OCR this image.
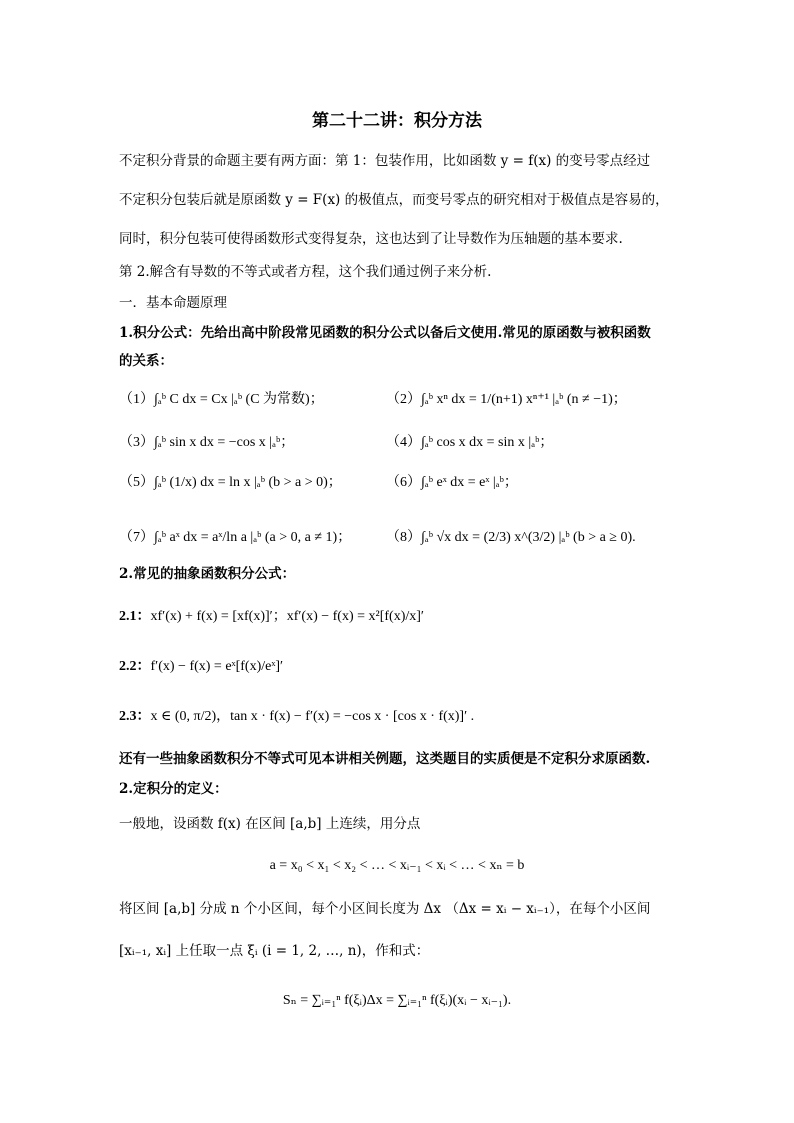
第二十二讲：积分方法
不定积分背景的命题主要有两方面：第 1：包装作用，比如函数 y = f(x) 的变号零点经过
不定积分包装后就是原函数 y = F(x) 的极值点，而变号零点的研究相对于极值点是容易的，
同时，积分包装可使得函数形式变得复杂，这也达到了让导数作为压轴题的基本要求.
第 2.解含有导数的不等式或者方程，这个我们通过例子来分析.
一．基本命题原理
1.积分公式：先给出高中阶段常见函数的积分公式以备后文使用.常见的原函数与被积函数
的关系：
（1）∫ₐᵇ C dx = Cx |ₐᵇ (C 为常数)；	（2）∫ₐᵇ xⁿ dx = 1/(n+1) xⁿ⁺¹ |ₐᵇ (n ≠ −1)；
（3）∫ₐᵇ sin x dx = −cos x |ₐᵇ；	（4）∫ₐᵇ cos x dx = sin x |ₐᵇ；
（5）∫ₐᵇ (1/x) dx = ln x |ₐᵇ (b > a > 0)；	（6）∫ₐᵇ eˣ dx = eˣ |ₐᵇ；
（7）∫ₐᵇ aˣ dx = aˣ/ln a |ₐᵇ (a > 0, a ≠ 1)； （8）∫ₐᵇ √x dx = (2/3) x^(3/2) |ₐᵇ (b > a ≥ 0).
2.常见的抽象函数积分公式：
2.1：xf′(x) + f(x) = [xf(x)]′；xf′(x) − f(x) = x²[f(x)/x]′
2.2：f′(x) − f(x) = eˣ[f(x)/eˣ]′
2.3：x ∈ (0, π/2)，tan x · f(x) − f′(x) = −cos x · [cos x · f(x)]′ .
还有一些抽象函数积分不等式可见本讲相关例题，这类题目的实质便是不定积分求原函数.
2.定积分的定义：
一般地，设函数 f(x) 在区间 [a,b] 上连续，用分点
a = x₀ < x₁ < x₂ < … < xᵢ₋₁ < xᵢ < … < xₙ = b
将区间 [a,b] 分成 n 个小区间，每个小区间长度为 Δx （Δx = xᵢ − xᵢ₋₁），在每个小区间
[xᵢ₋₁, xᵢ] 上任取一点 ξᵢ (i = 1, 2, …, n)，作和式：
Sₙ = ∑ᵢ₌₁ⁿ f(ξᵢ)Δx = ∑ᵢ₌₁ⁿ f(ξᵢ)(xᵢ − xᵢ₋₁).
